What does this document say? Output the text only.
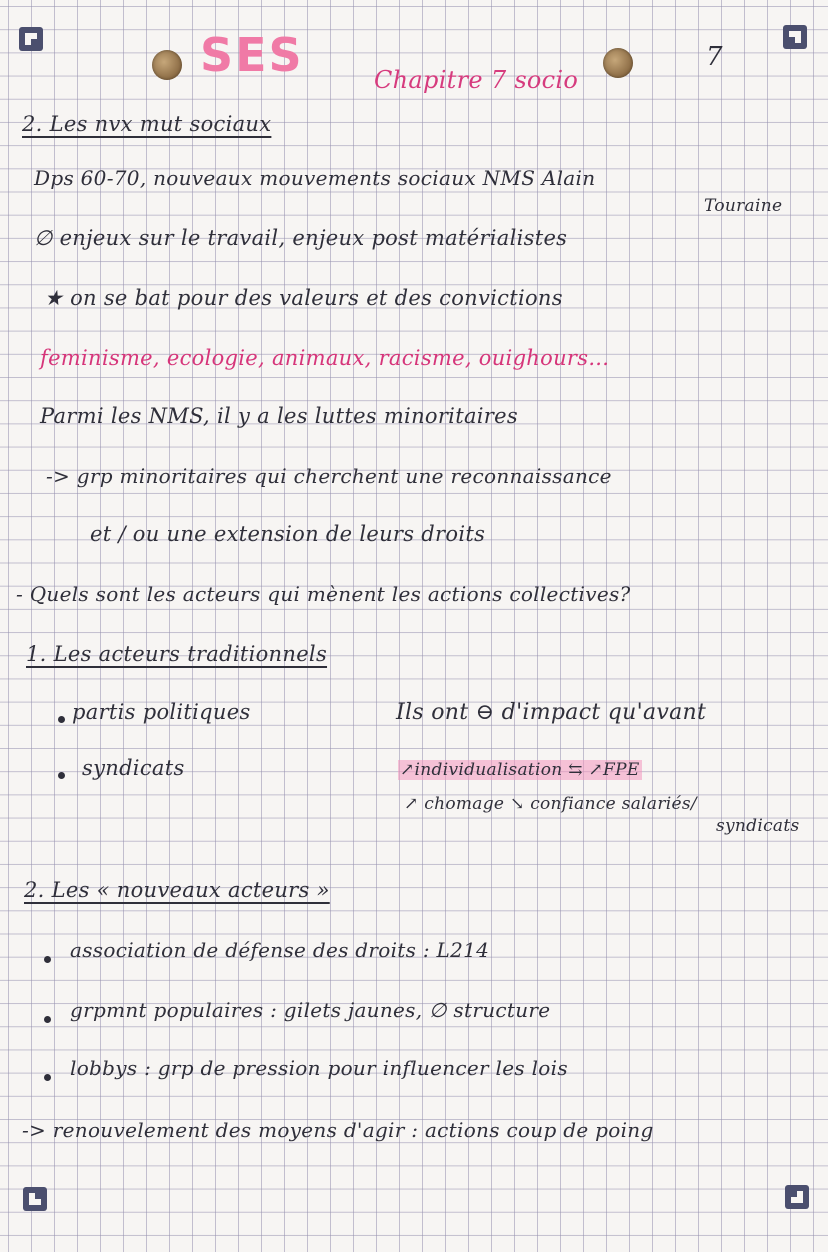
SES	Chapitre 7 socio
7
2. Les nvx mut sociaux
Dps 60-70, nouveaux mouvements sociaux NMS Alain
Touraine
∅ enjeux sur le travail, enjeux post matérialistes
★ on se bat pour des valeurs et des convictions
feminisme, ecologie, animaux, racisme, ouighours...
Parmi les NMS, il y a les luttes minoritaires
-> grp minoritaires qui cherchent une reconnaissance
et / ou une extension de leurs droits
- Quels sont les acteurs qui mènent les actions collectives?
1. Les acteurs traditionnels
partis politiques
syndicats
Ils ont ⊖ d'impact qu'avant
↗individualisation ⇆ ↗FPE
↗ chomage ↘ confiance salariés/
syndicats
2. Les « nouveaux acteurs »
association de défense des droits : L214
grpmnt populaires : gilets jaunes, ∅ structure
lobbys : grp de pression pour influencer les lois
-> renouvelement des moyens d'agir : actions coup de poing
